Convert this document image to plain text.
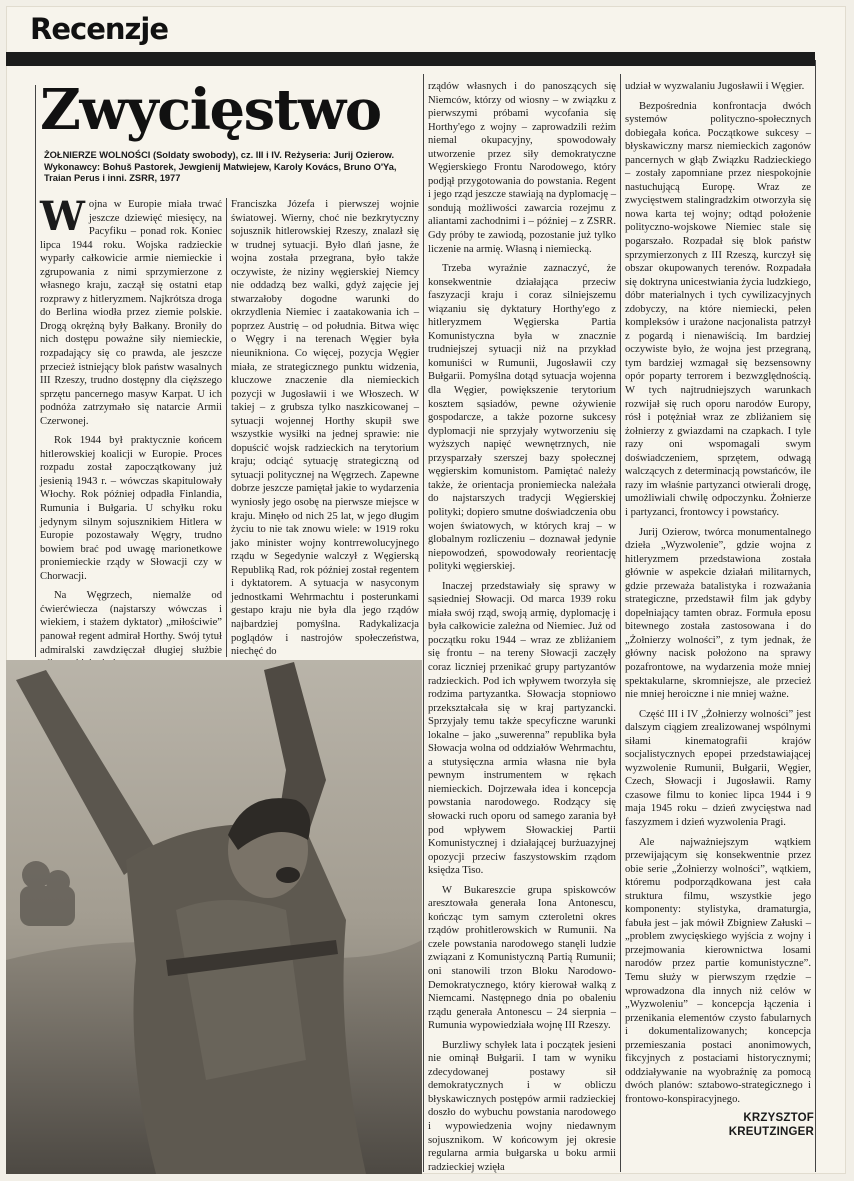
Recenzje
Zwycięstwo
ŻOŁNIERZE WOLNOŚCI (Soldaty swobody), cz. III i IV. Reżyseria: Jurij Ozierow. Wykonawcy: Bohuš Pastorek, Jewgienij Matwiejew, Karoly Kovács, Bruno O'Ya, Traian Perus i inni. ZSRR, 1977

Wojna w Europie miała trwać jeszcze dziewięć miesięcy, na Pacyfiku – ponad rok. Koniec lipca 1944 roku. Wojska radzieckie wyparły całkowicie armie niemieckie i zgrupowania z nimi sprzymierzone z własnego kraju, zaczął się ostatni etap rozprawy z hitleryzmem. Najkrótsza droga do Berlina wiodła przez ziemie polskie. Drogą okrężną były Bałkany. Broniły do nich dostępu poważne siły niemieckie, rozpadający się co prawda, ale jeszcze przecież istniejący blok państw wasalnych III Rzeszy, trudno dostępny dla cięższego sprzętu pancernego masyw Karpat. U ich podnóża zatrzymało się natarcie Armii Czerwonej.

Rok 1944 był praktycznie końcem hitlerowskiej koalicji w Europie. Proces rozpadu został zapoczątkowany już jesienią 1943 r. – wówczas skapitulowały Włochy. Rok później odpadła Finlandia, Rumunia i Bułgaria. U schyłku roku jedynym silnym sojusznikiem Hitlera w Europie pozostawały Węgry, trudno bowiem brać pod uwagę marionetkowe proniemieckie rządy w Słowacji czy w Chorwacji.

Na Węgrzech, niemalże od ćwierćwiecza (najstarszy wówczas i wiekiem, i stażem dyktator) „miłościwie” panował regent admirał Horthy. Swój tytuł admiralski zawdzięczał długiej służbie

Franciszka Józefa i pierwszej wojnie światowej. Wierny, choć nie bezkrytyczny sojusznik hitlerowskiej Rzeszy, znalazł się w trudnej sytuacji. Było dlań jasne, że wojna została przegrana, było także oczywiste, że niziny węgierskiej Niemcy nie oddadzą bez walki, gdyż zajęcie jej stwarzałoby dogodne warunki do okrzydlenia Niemiec i zaatakowania ich – poprzez Austrię – od południa. Bitwa więc o Węgry i na terenach Węgier była nieunikniona. Co więcej, pozycja Węgier miała, ze strategicznego punktu widzenia, kluczowe znaczenie dla niemieckich pozycji w Jugosławii i we Włoszech. W takiej – z grubsza tylko naszkicowanej – sytuacji wojennej Horthy skupił swe wszystkie wysiłki na jednej sprawie: nie dopuścić wojsk radzieckich na terytorium kraju; odciąć sytuację strategiczną od sytuacji politycznej na Węgrzech. Zapewne dobrze jeszcze pamiętał jakie to wydarzenia wyniosły jego osobę na pierwsze miejsce w kraju. Minęło od nich 25 lat, w jego długim życiu to nie tak znowu wiele: w 1919 roku jako minister wojny kontrrewolucyjnego rządu w Segedynie walczył z Węgierską Republiką Rad, rok później został regentem i dyktatorem. A sytuacja w nasyconym jednostkami Wehrmachtu i posterunkami gestapo kraju nie była dla jego rządów najbardziej pomyślna. Radykalizacja poglądów i nastrojów społeczeństwa, niechęć do

rządów własnych i do panoszących się Niemców, którzy od wiosny – w związku z pierwszymi próbami wycofania się Horthy'ego z wojny – zaprowadzili reżim niemal okupacyjny, spowodowały utworzenie przez siły demokratyczne Węgierskiego Frontu Narodowego, który podjął przygotowania do powstania. Regent i jego rząd jeszcze stawiają na dyplomację – sondują możliwości zawarcia rozejmu z aliantami zachodnimi i – później – z ZSRR. Gdy próby te zawiodą, pozostanie już tylko liczenie na armię. Własną i niemiecką.

Trzeba wyraźnie zaznaczyć, że konsekwentnie działająca przeciw faszyzacji kraju i coraz silniejszemu wiązaniu się dyktatury Horthy'ego z hitleryzmem Węgierska Partia Komunistyczna była w znacznie trudniejszej sytuacji niż na przykład komuniści w Rumunii, Jugosławii czy Bułgarii. Pomyślna dotąd sytuacja wojenna dla Węgier, powiększenie terytorium kosztem sąsiadów, pewne ożywienie gospodarcze, a także pozorne sukcesy dyplomacji nie sprzyjały wytworzeniu się wyższych napięć wewnętrznych, nie przysparzały szerszej bazy społecznej węgierskim komunistom. Pamiętać należy także, że orientacja proniemiecka należała do najstarszych tradycji Węgierskiej polityki; dopiero smutne doświadczenia obu wojen światowych, w których kraj – w globalnym rozliczeniu – doznawał jedynie niepowodzeń, spowodowały reorientację polityki węgierskiej.

Inaczej przedstawiały się sprawy w sąsiedniej Słowacji. Od marca 1939 roku miała swój rząd, swoją armię, dyplomację i była całkowicie zależna od Niemiec. Już od początku roku 1944 – wraz ze zbliżaniem się frontu – na tereny Słowacji zaczęły coraz liczniej przenikać grupy partyzantów radzieckich. Pod ich wpływem tworzyła się rodzima partyzantka. Słowacja stopniowo przekształcała się w kraj partyzancki. Sprzyjały temu także specyficzne warunki lokalne – jako „suwerenna” republika była Słowacja wolna od oddziałów Wehrmachtu, a stutysięczna armia własna nie była pewnym instrumentem w rękach niemieckich. Dojrzewała idea i koncepcja powstania narodowego. Rodzący się słowacki ruch oporu od samego zarania był pod wpływem Słowackiej Partii Komunistycznej i działającej burżuazyjnej opozycji przeciw faszystowskim rządom księdza Tiso.

W Bukareszcie grupa spiskowców aresztowała generała Iona Antonescu, kończąc tym samym czteroletni okres rządów prohitlerowskich w Rumunii. Na czele powstania narodowego stanęli ludzie związani z Komunistyczną Partią Rumunii; oni stanowili trzon Bloku Narodowo-Demokratycznego, który kierował walką z Niemcami. Następnego dnia po obaleniu rządu generała Antonescu – 24 sierpnia – Rumunia wypowiedziała wojnę III Rzeszy.

Burzliwy schyłek lata i początek jesieni nie ominął Bułgarii. I tam w wyniku zdecydowanej postawy sił demokratycznych i w obliczu błyskawicznych postępów armii radzieckiej doszło do wybuchu powstania narodowego i wypowiedzenia wojny niedawnym sojusznikom. W końcowym jej okresie regularna armia bułgarska u boku armii radzieckiej wzięła

udział w wyzwalaniu Jugosławii i Węgier.

Bezpośrednia konfrontacja dwóch systemów polityczno-społecznych dobiegała końca. Początkowe sukcesy – błyskawiczny marsz niemieckich zagonów pancernych w głąb Związku Radzieckiego – zostały zapomniane przez niespokojnie nastuchującą Europę. Wraz ze zwycięstwem stalingradzkim otworzyła się nowa karta tej wojny; odtąd położenie polityczno-wojskowe Niemiec stale się pogarszało. Rozpadał się blok państw sprzymierzonych z III Rzeszą, kurczył się obszar okupowanych terenów. Rozpadała się doktryna unicestwiania życia ludzkiego, dóbr materialnych i tych cywilizacyjnych zdobyczy, na które niemiecki, pełen kompleksów i urażone nacjonalista patrzył z pogardą i nienawiścią. Im bardziej oczywiste było, że wojna jest przegraną, tym bardziej wzmagał się bezsensowny opór poparty terrorem i bezwzględnością. W tych najtrudniejszych warunkach rozwijał się ruch oporu narodów Europy, rósł i potężniał wraz ze zbliżaniem się żołnierzy z gwiazdami na czapkach. I tyle razy oni wspomagali swym doświadczeniem, sprzętem, odwagą walczących z determinacją powstańców, ile razy im właśnie partyzanci otwierali drogę, umożliwiali chwilę odpoczynku. Żołnierze i partyzanci, frontowcy i powstańcy.

Jurij Ozierow, twórca monumentalnego dzieła „Wyzwolenie”, gdzie wojna z hitleryzmem przedstawiona została głównie w aspekcie działań militarnych, gdzie przeważa batalistyka i rozważania strategiczne, przedstawił film jak gdyby dopełniający tamten obraz. Formuła eposu bitewnego została zastosowana i do „Żołnierzy wolności”, z tym jednak, że główny nacisk położono na sprawy pozafrontowe, na wydarzenia może mniej spektakularne, skromniejsze, ale przecież nie mniej heroiczne i nie mniej ważne.

Część III i IV „Żołnierzy wolności” jest dalszym ciągiem zrealizowanej wspólnymi siłami kinematografii krajów socjalistycznych epopei przedstawiającej wyzwolenie Rumunii, Bułgarii, Węgier, Czech, Słowacji i Jugosławii. Ramy czasowe filmu to koniec lipca 1944 i 9 maja 1945 roku – dzień zwycięstwa nad faszyzmem i dzień wyzwolenia Pragi.

Ale najważniejszym wątkiem przewijającym się konsekwentnie przez obie serie „Żołnierzy wolności”, wątkiem, któremu podporządkowana jest cała struktura filmu, wszystkie jego komponenty: stylistyka, dramaturgia, fabuła jest – jak mówił Zbigniew Załuski – „problem zwycięskiego wyjścia z wojny i przejmowania kierownictwa losami narodów przez partie komunistyczne”. Temu służy w pierwszym rzędzie – wprowadzona dla innych niż celów w „Wyzwoleniu” – koncepcja łączenia i przenikania elementów czysto fabularnych i dokumentalizowanych; koncepcja przemieszania postaci anonimowych, fikcyjnych z postaciami historycznymi; oddziaływanie na wyobraźnię za pomocą dwóch planów: sztabowo-strategicznego i frontowo-konspiracyjnego.

KRZYSZTOF KREUTZINGER
